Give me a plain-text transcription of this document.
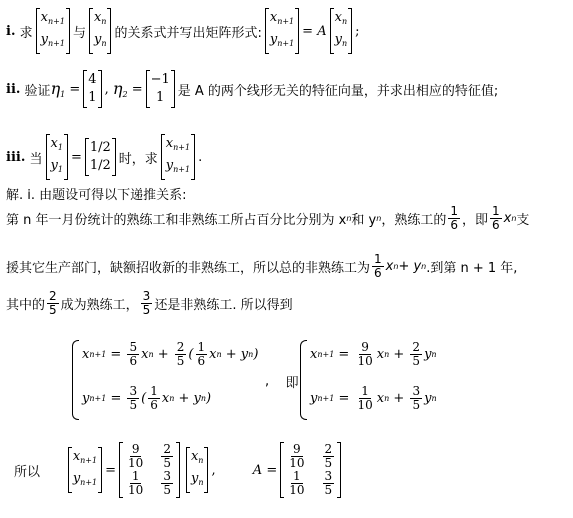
i.
求
$x_{n+1}$
$y_{n+1}$
与
$x_n$
$y_n$
的关系式并写出矩阵形式:
$x_{n+1}$
$y_{n+1}$
= A
$x_n$
$y_n$
;
ii.
验证 $\eta_1$
=
4
1
,
$\eta_2$
=
−1
1	是 A 的两个线形无关的特征向量，并求出相应的特征值;
iii.
当
$x_1$
$y_1$
=
1/2
1/2 时，求
$x_{n+1}$
$y_{n+1}$
.
解. i. 由题设可得以下递推关系:
第 n 年一月份统计的熟练工和非熟练工所占百分比分别为 x n 和 y n ，熟练工的 $\frac{1}{6}$ ，即 $\frac{1}{6}$ x n 支
援其它生产部门，缺额招收新的非熟练工，所以总的非熟练工为 $\frac{1}{6}$ x n + y n .到第 n + 1 年,
其中的 $\frac{2}{5}$ 成为熟练工， $\frac{3}{5}$ 还是非熟练工. 所以得到
x $n+1 = \frac{5}{6}$ x $n + \frac{2}{5}$ ( $\frac{1}{6}$ x n + y n )
y $n+1 = \frac{3}{5}$ ( $\frac{1}{6}$ x n + y n )
, 即
x $n+1 = \frac{9}{10}$ x $n + \frac{2}{5}$ y n
y $n+1 = \frac{1}{10}$ x $n + \frac{3}{5}$ y n
所以

$x_{n+1}$
$y_{n+1}$
= $\frac{9}{10} \frac{2}{5}$
$\frac{1}{10} \frac{3}{5}$
$x_n$
$y_n$
, $A = \frac{9}{10} \frac{2}{5}$
$\frac{1}{10} \frac{3}{5}$
